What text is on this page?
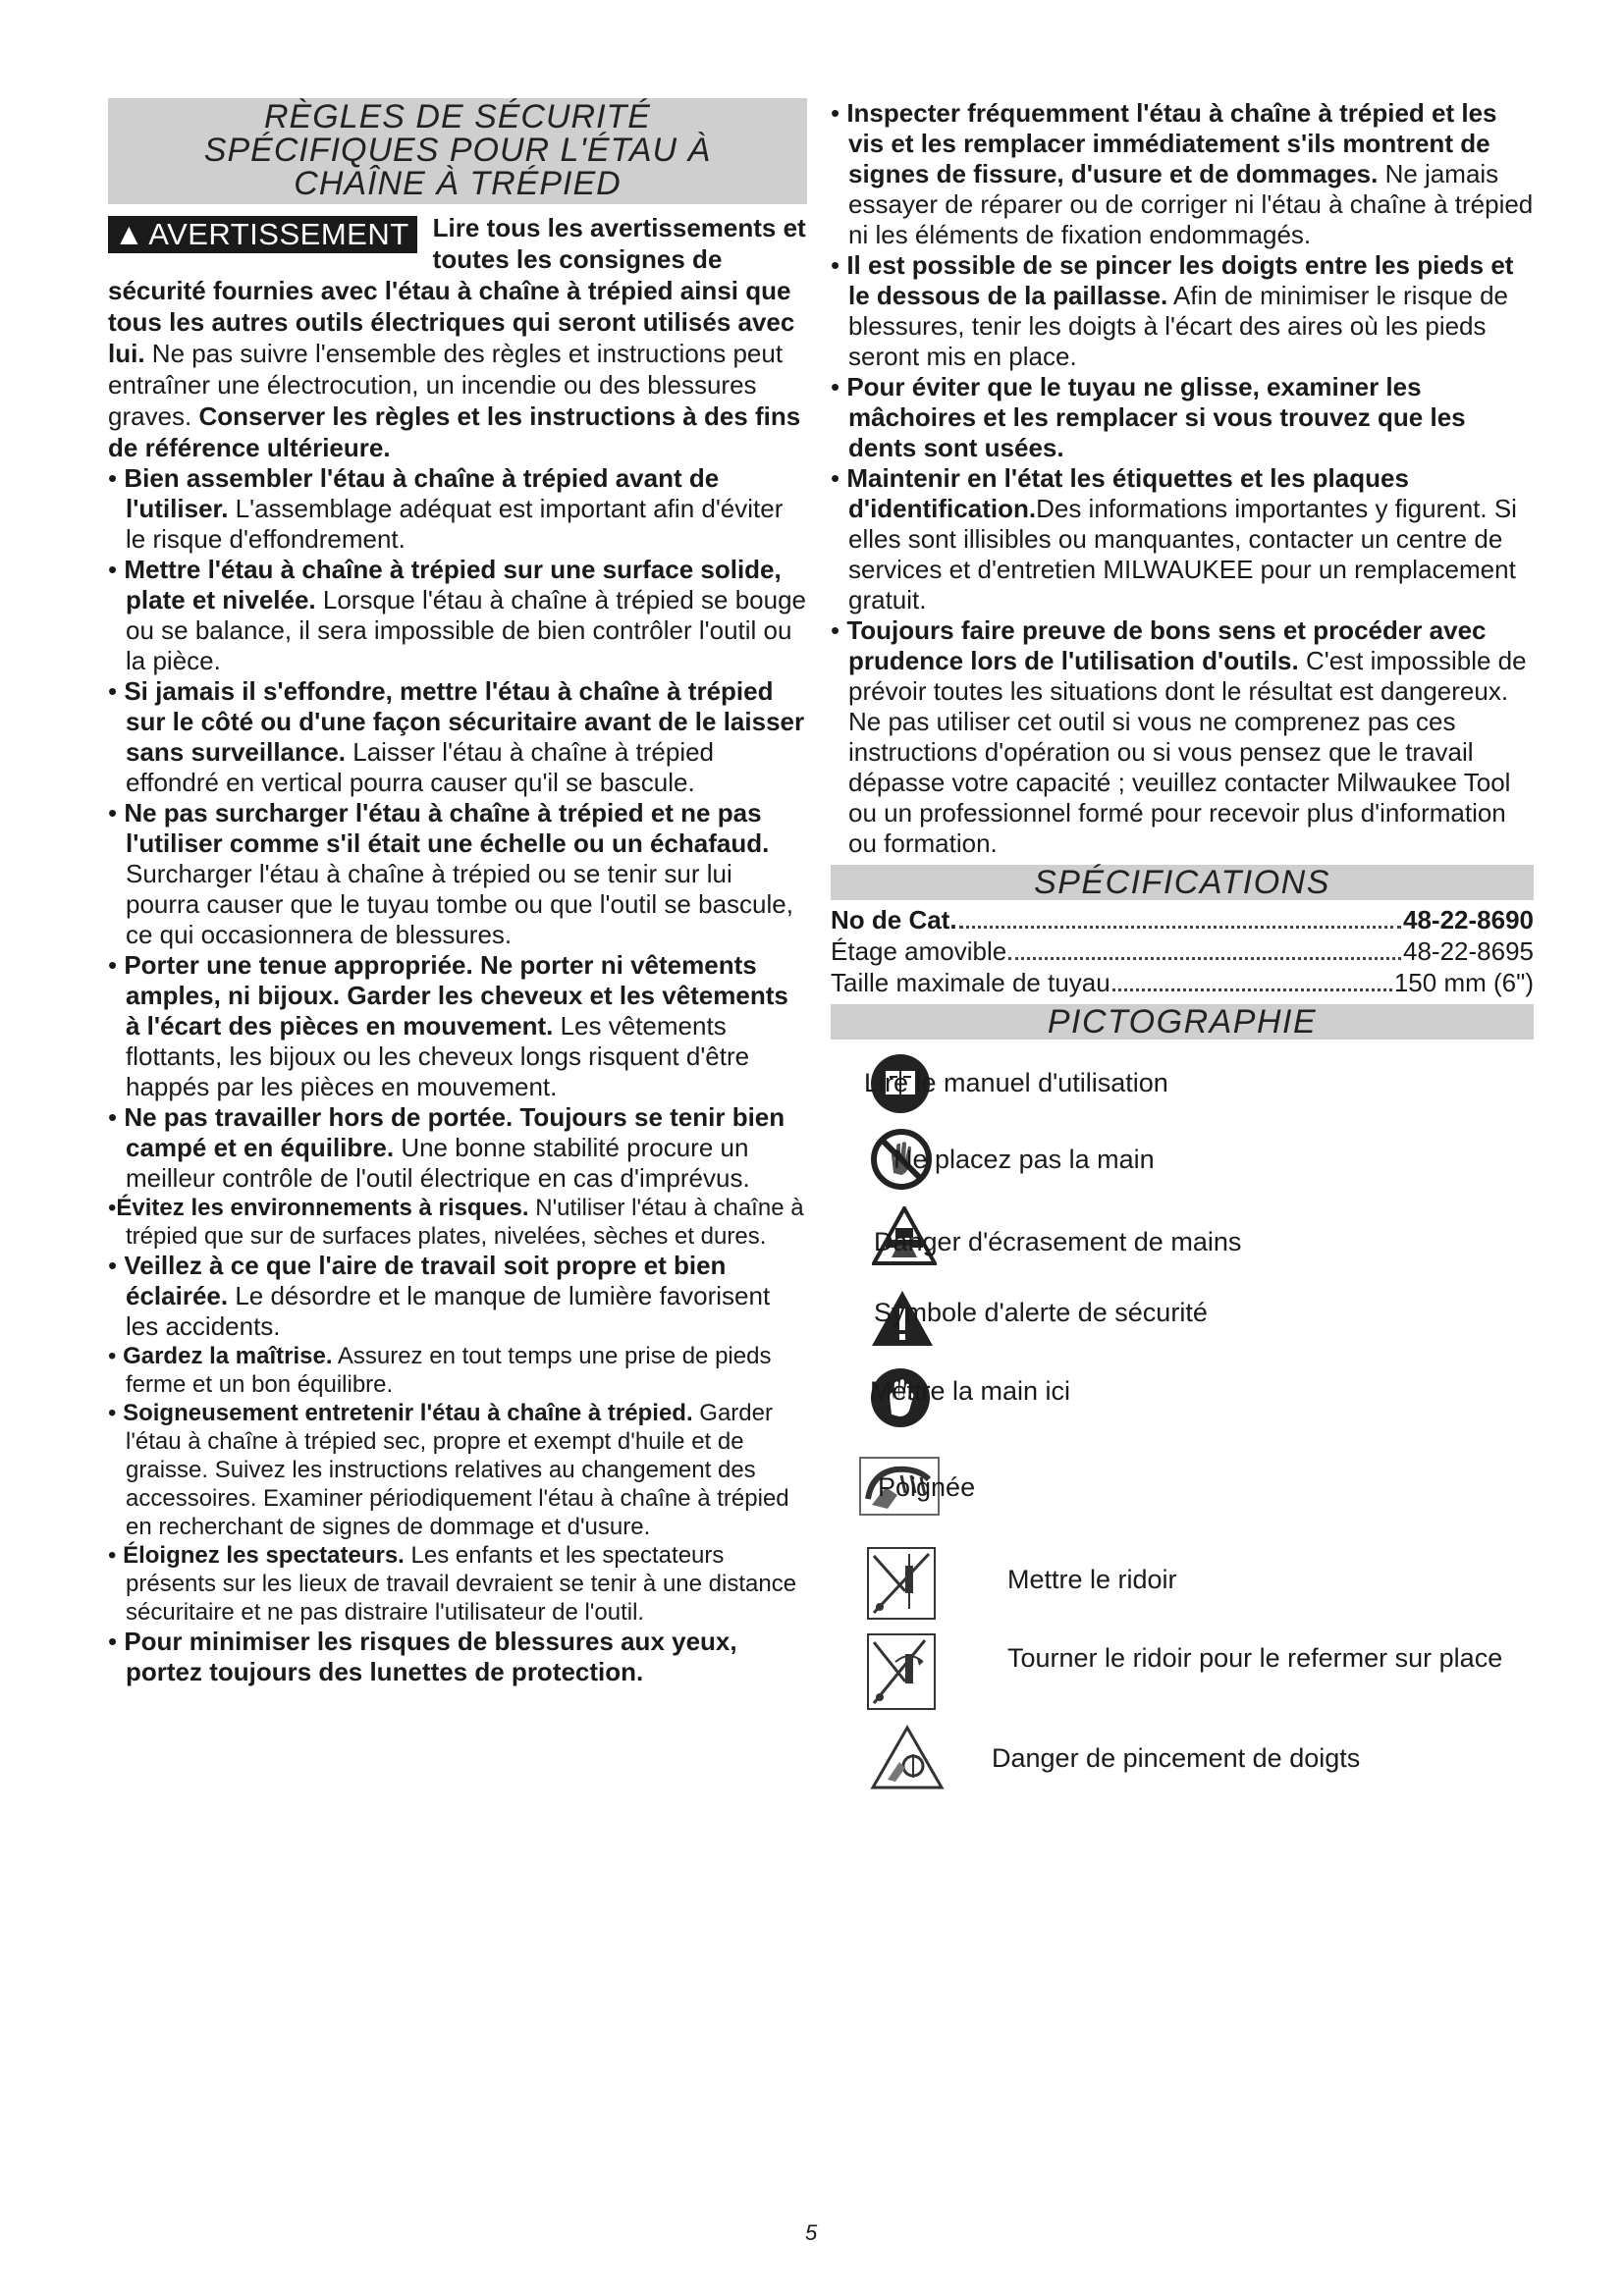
RÈGLES DE SÉCURITÉ
SPÉCIFIQUES POUR L'ÉTAU À
CHAÎNE À TRÉPIED
▲ AVERTISSEMENT Lire tous les avertissements et toutes les consignes de sécurité fournies avec l'étau à chaîne à trépied ainsi que tous les autres outils électriques qui seront utilisés avec lui. Ne pas suivre l'ensemble des règles et instructions peut entraîner une électrocution, un incendie ou des blessures graves. Conserver les règles et les instructions à des fins de référence ultérieure.

• Bien assembler l'étau à chaîne à trépied avant de l'utiliser. L'assemblage adéquat est important afin d'éviter le risque d'effondrement.

• Mettre l'étau à chaîne à trépied sur une surface solide, plate et nivelée. Lorsque l'étau à chaîne à trépied se bouge ou se balance, il sera impossible de bien contrôler l'outil ou la pièce.

• Si jamais il s'effondre, mettre l'étau à chaîne à trépied sur le côté ou d'une façon sécuritaire avant de le laisser sans surveillance. Laisser l'étau à chaîne à trépied effondré en vertical pourra causer qu'il se bascule.

• Ne pas surcharger l'étau à chaîne à trépied et ne pas l'utiliser comme s'il était une échelle ou un échafaud. Surcharger l'étau à chaîne à trépied ou se tenir sur lui pourra causer que le tuyau tombe ou que l'outil se bascule, ce qui occasionnera de blessures.

• Porter une tenue appropriée. Ne porter ni vêtements amples, ni bijoux. Garder les cheveux et les vêtements à l'écart des pièces en mouvement. Les vêtements flottants, les bijoux ou les cheveux longs risquent d'être happés par les pièces en mouvement.

• Ne pas travailler hors de portée. Toujours se tenir bien campé et en équilibre. Une bonne stabilité procure un meilleur contrôle de l'outil électrique en cas d'imprévus.

•Évitez les environnements à risques. N'utiliser l'étau à chaîne à trépied que sur de surfaces plates, nivelées, sèches et dures.

• Veillez à ce que l'aire de travail soit propre et bien éclairée. Le désordre et le manque de lumière favorisent les accidents.

• Gardez la maîtrise. Assurez en tout temps une prise de pieds ferme et un bon équilibre.

• Soigneusement entretenir l'étau à chaîne à trépied. Garder l'étau à chaîne à trépied sec, propre et exempt d'huile et de graisse. Suivez les instructions relatives au changement des accessoires. Examiner périodiquement l'étau à chaîne à trépied en recherchant de signes de dommage et d'usure.

• Éloignez les spectateurs. Les enfants et les spectateurs présents sur les lieux de travail devraient se tenir à une distance sécuritaire et ne pas distraire l'utilisateur de l'outil.

• Pour minimiser les risques de blessures aux yeux, portez toujours des lunettes de protection.

• Inspecter fréquemment l'étau à chaîne à trépied et les vis et les remplacer immédiatement s'ils montrent de signes de fissure, d'usure et de dommages. Ne jamais essayer de réparer ou de corriger ni l'étau à chaîne à trépied ni les éléments de fixation endommagés.

• Il est possible de se pincer les doigts entre les pieds et le dessous de la paillasse. Afin de minimiser le risque de blessures, tenir les doigts à l'écart des aires où les pieds seront mis en place.

• Pour éviter que le tuyau ne glisse, examiner les mâchoires et les remplacer si vous trouvez que les dents sont usées.

• Maintenir en l'état les étiquettes et les plaques d'identification.Des informations importantes y figurent. Si elles sont illisibles ou manquantes, contacter un centre de services et d'entretien MILWAUKEE pour un remplacement gratuit.

• Toujours faire preuve de bons sens et procéder avec prudence lors de l'utilisation d'outils. C'est impossible de prévoir toutes les situations dont le résultat est dangereux. Ne pas utiliser cet outil si vous ne comprenez pas ces instructions d'opération ou si vous pensez que le travail dépasse votre capacité ; veuillez contacter Milwaukee Tool ou un professionnel formé pour recevoir plus d'information ou formation.

SPÉCIFICATIONS
No de Cat.	48-22-8690
Étage amovible	48-22-8695
Taille maximale de tuyau	150 mm (6")
PICTOGRAPHIE
Lire le manuel d'utilisation
Ne placez pas la main
Danger d'écrasement de mains
Symbole d'alerte de sécurité
Mettre la main ici
Poignée
Mettre le ridoir
Tourner le ridoir pour le refermer sur place
Danger de pincement de doigts
5
